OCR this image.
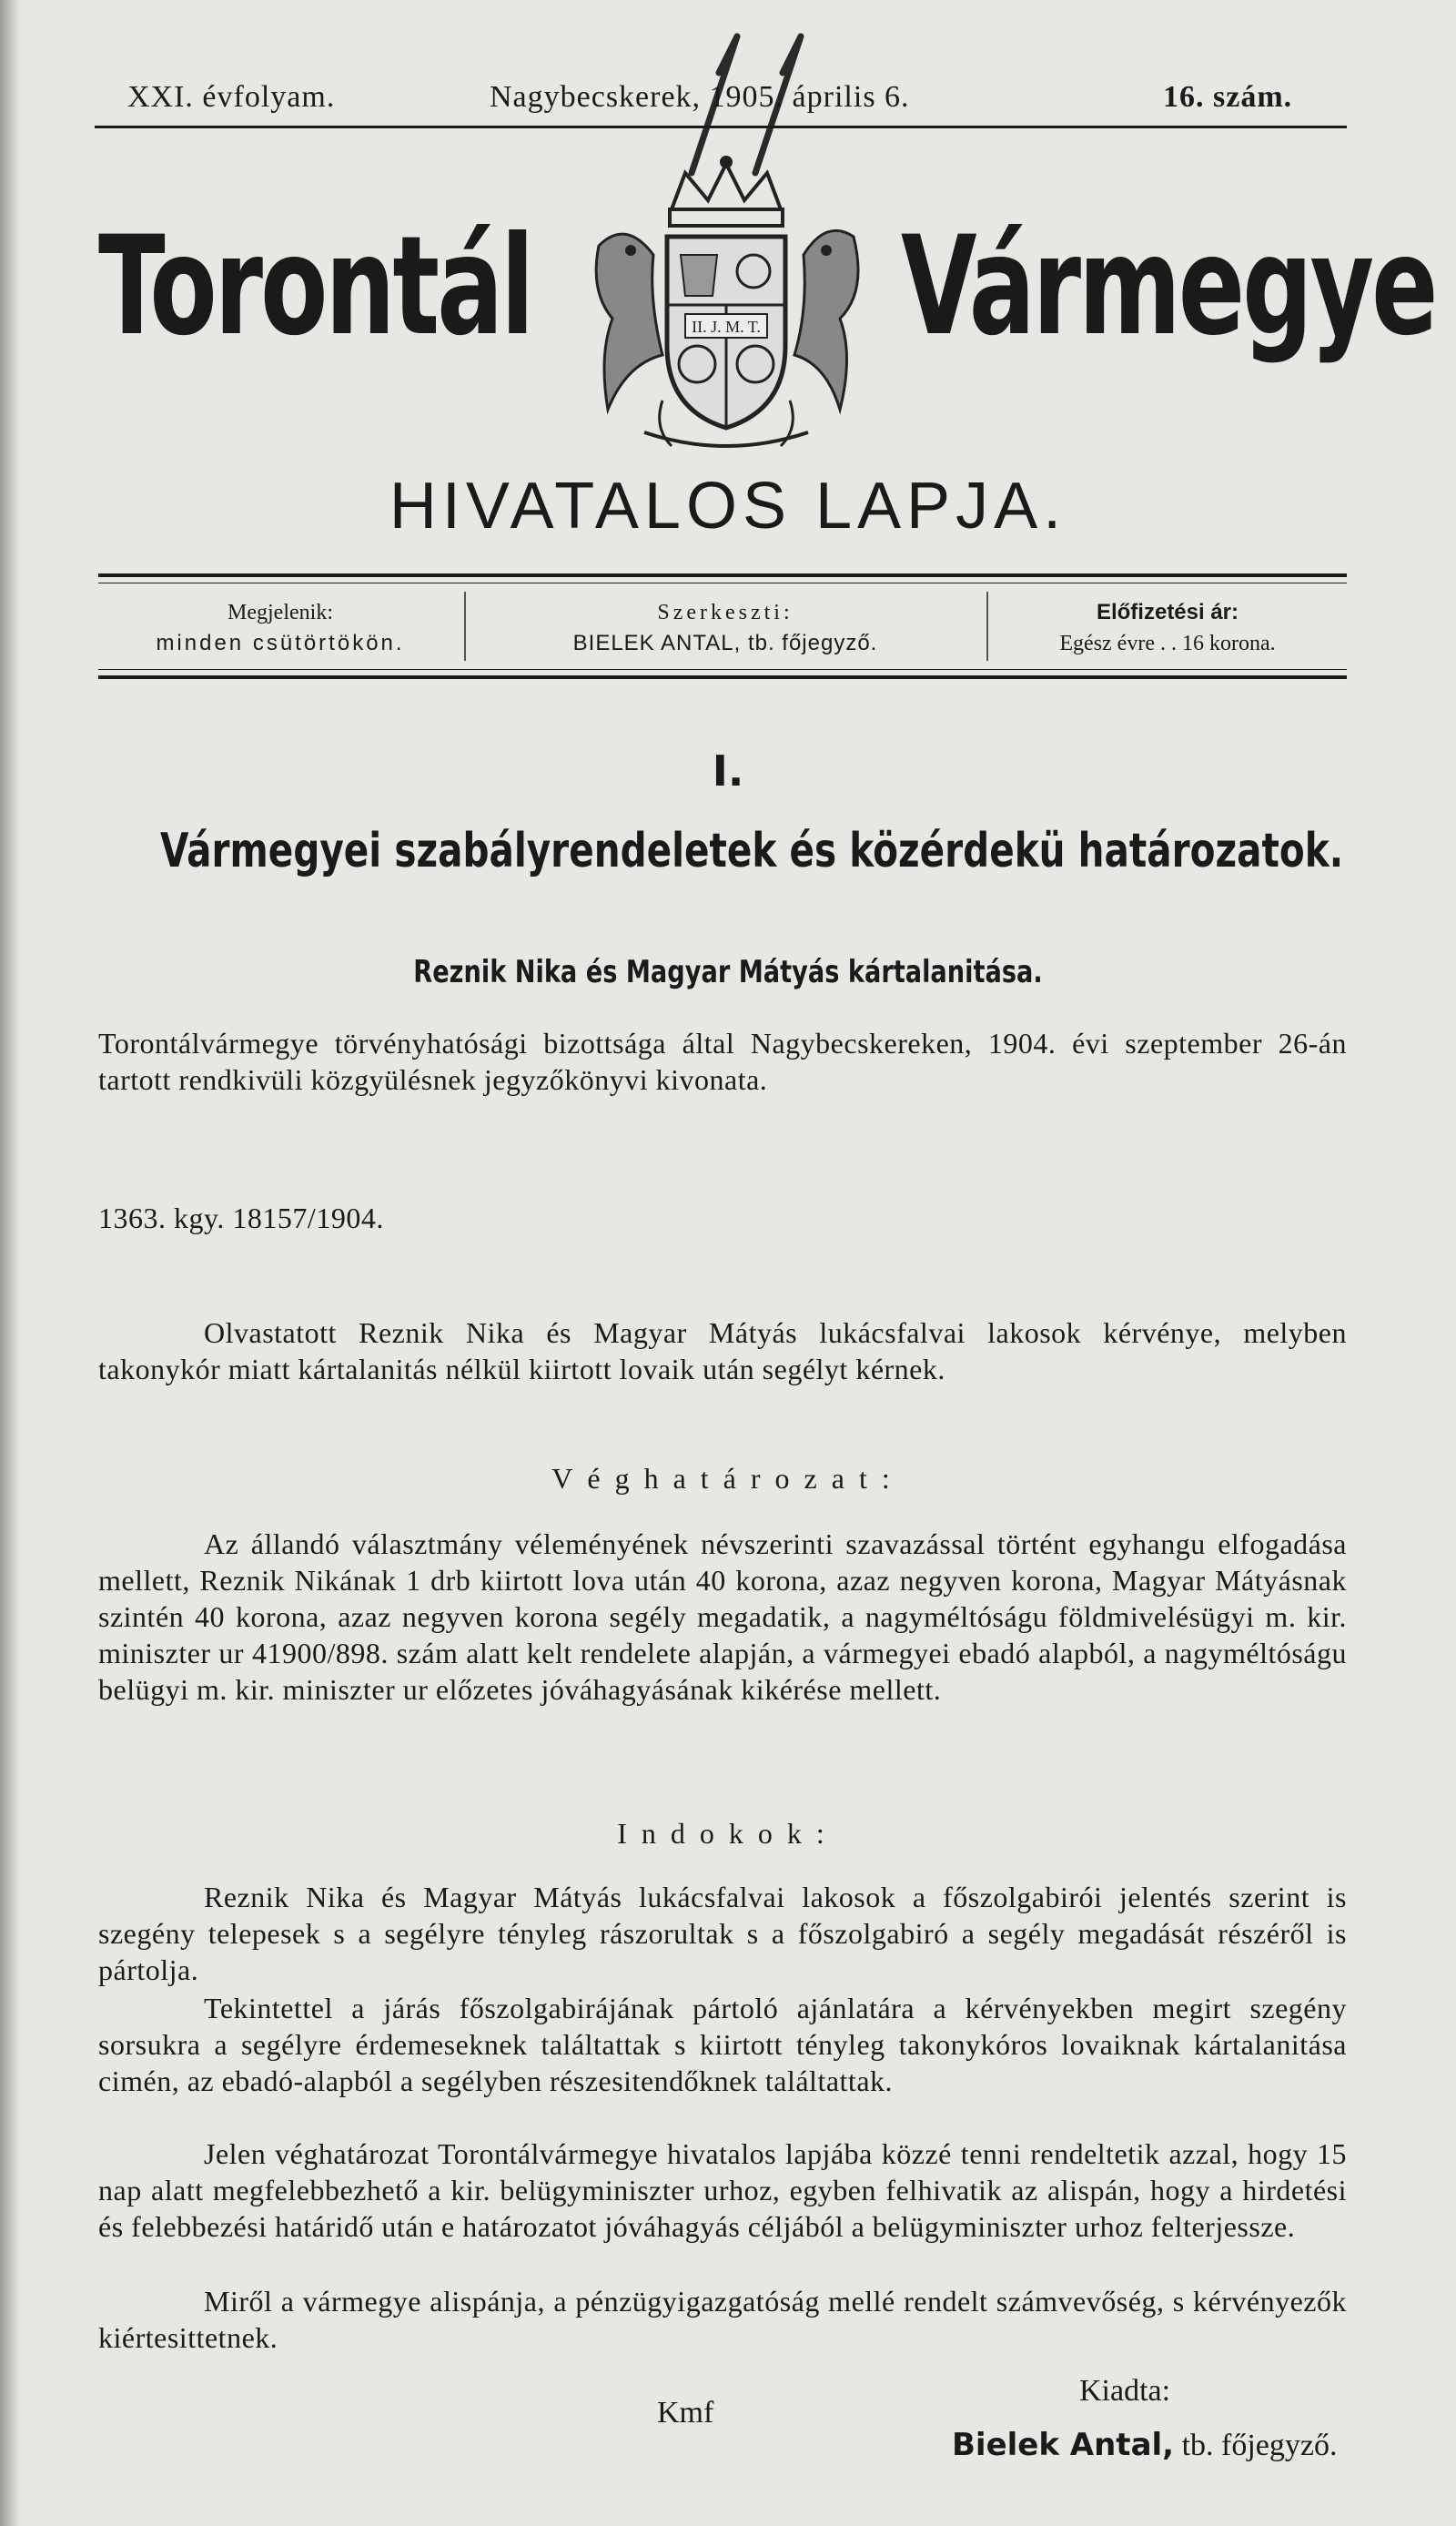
XXI. évfolyam.	Nagybecskerek, 1905. április 6.	16. szám.
Torontál	Vármegye
II. J. M. T.
HIVATALOS LAPJA.
Megjelenik:
minden csütörtökön.
Szerkeszti:
BIELEK ANTAL, tb. főjegyző.
Előfizetési ár:
Egész évre . . 16 korona.
I.
Vármegyei szabályrendeletek és közérdekü határozatok.
Reznik Nika és Magyar Mátyás kártalanitása.
Torontálvármegye törvényhatósági bizottsága által Nagybecskereken, 1904. évi szeptember 26-án tartott rendkivüli közgyülésnek jegyzőkönyvi kivonata.
1363. kgy. 18157/1904.
Olvastatott Reznik Nika és Magyar Mátyás lukácsfalvai lakosok kérvénye, melyben takonykór miatt kártalanitás nélkül kiirtott lovaik után segélyt kérnek.
Véghatározat:
Az állandó választmány véleményének névszerinti szavazással történt egyhangu elfogadása mellett, Reznik Nikának 1 drb kiirtott lova után 40 korona, azaz negyven korona, Magyar Mátyásnak szintén 40 korona, azaz negyven korona segély megadatik, a nagyméltóságu földmivelésügyi m. kir. miniszter ur 41900/898. szám alatt kelt rendelete alapján, a vármegyei ebadó alapból, a nagyméltóságu belügyi m. kir. miniszter ur előzetes jóváhagyásának kikérése mellett.
Indokok:
Reznik Nika és Magyar Mátyás lukácsfalvai lakosok a főszolgabirói jelentés szerint is szegény telepesek s a segélyre tényleg rászorultak s a főszolgabiró a segély megadását részéről is pártolja.
Tekintettel a járás főszolgabirájának pártoló ajánlatára a kérvényekben megirt szegény sorsukra a segélyre érdemeseknek találtattak s kiirtott tényleg takonykóros lovaiknak kártalanitása cimén, az ebadó-alapból a segélyben részesitendőknek találtattak.
Jelen véghatározat Torontálvármegye hivatalos lapjába közzé tenni rendeltetik azzal, hogy 15 nap alatt megfelebbezhető a kir. belügyminiszter urhoz, egyben felhivatik az alispán, hogy a hirdetési és felebbezési határidő után e határozatot jóváhagyás céljából a belügyminiszter urhoz felterjessze.
Miről a vármegye alispánja, a pénzügyigazgatóság mellé rendelt számvevőség, s kérvényezők kiértesittetnek.
Kmf
Kiadta:
Bielek Antal, tb. főjegyző.
